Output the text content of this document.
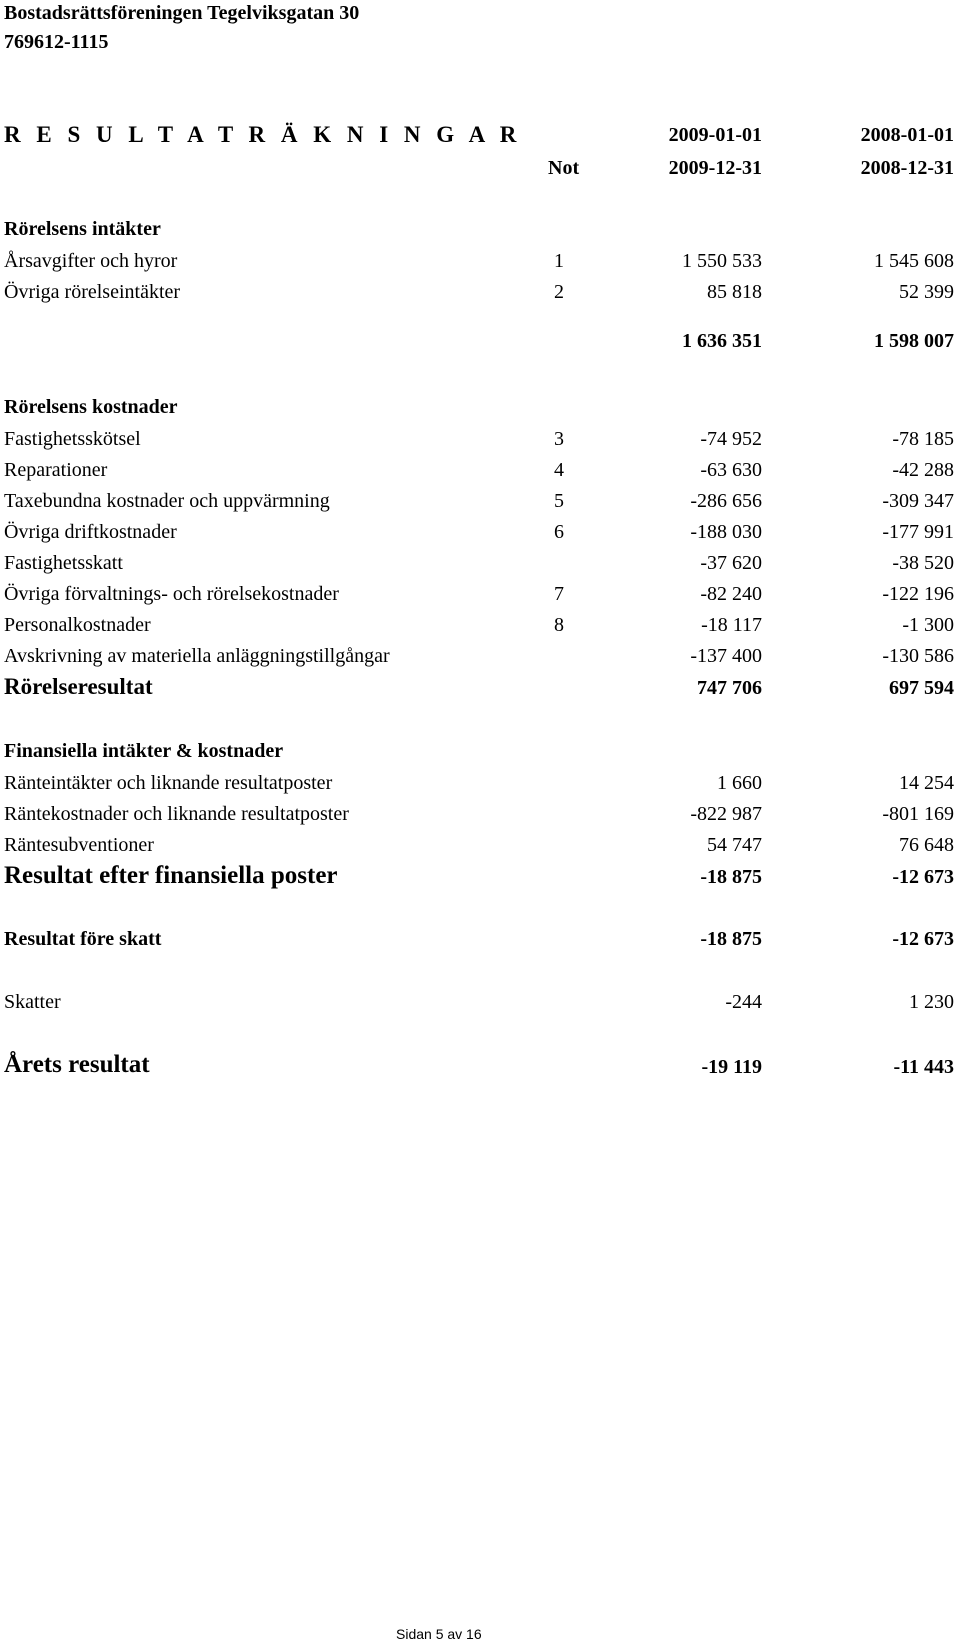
Bostadsrättsföreningen Tegelviksgatan 30
769612-1115
R E S U L T A T R Ä K N I N G A R	2009-01-01	2008-01-01
Not	2009-12-31	2008-12-31
Rörelsens intäkter
Årsavgifter och hyror	1	1 550 533	1 545 608
Övriga rörelseintäkter	2	85 818	52 399
1 636 351	1 598 007
Rörelsens kostnader
Fastighetsskötsel	3	-74 952	-78 185
Reparationer	4	-63 630	-42 288
Taxebundna kostnader och uppvärmning	5	-286 656	-309 347
Övriga driftkostnader	6	-188 030	-177 991
Fastighetsskatt	-37 620	-38 520
Övriga förvaltnings- och rörelsekostnader	7	-82 240	-122 196
Personalkostnader	8	-18 117	-1 300
Avskrivning av materiella anläggningstillgångar	-137 400	-130 586
Rörelseresultat	747 706	697 594
Finansiella intäkter & kostnader
Ränteintäkter och liknande resultatposter	1 660	14 254
Räntekostnader och liknande resultatposter	-822 987	-801 169
Räntesubventioner	54 747	76 648
Resultat efter finansiella poster	-18 875	-12 673
Resultat före skatt	-18 875	-12 673
Skatter	-244	1 230
Årets resultat	-19 119	-11 443
Sidan 5 av 16
